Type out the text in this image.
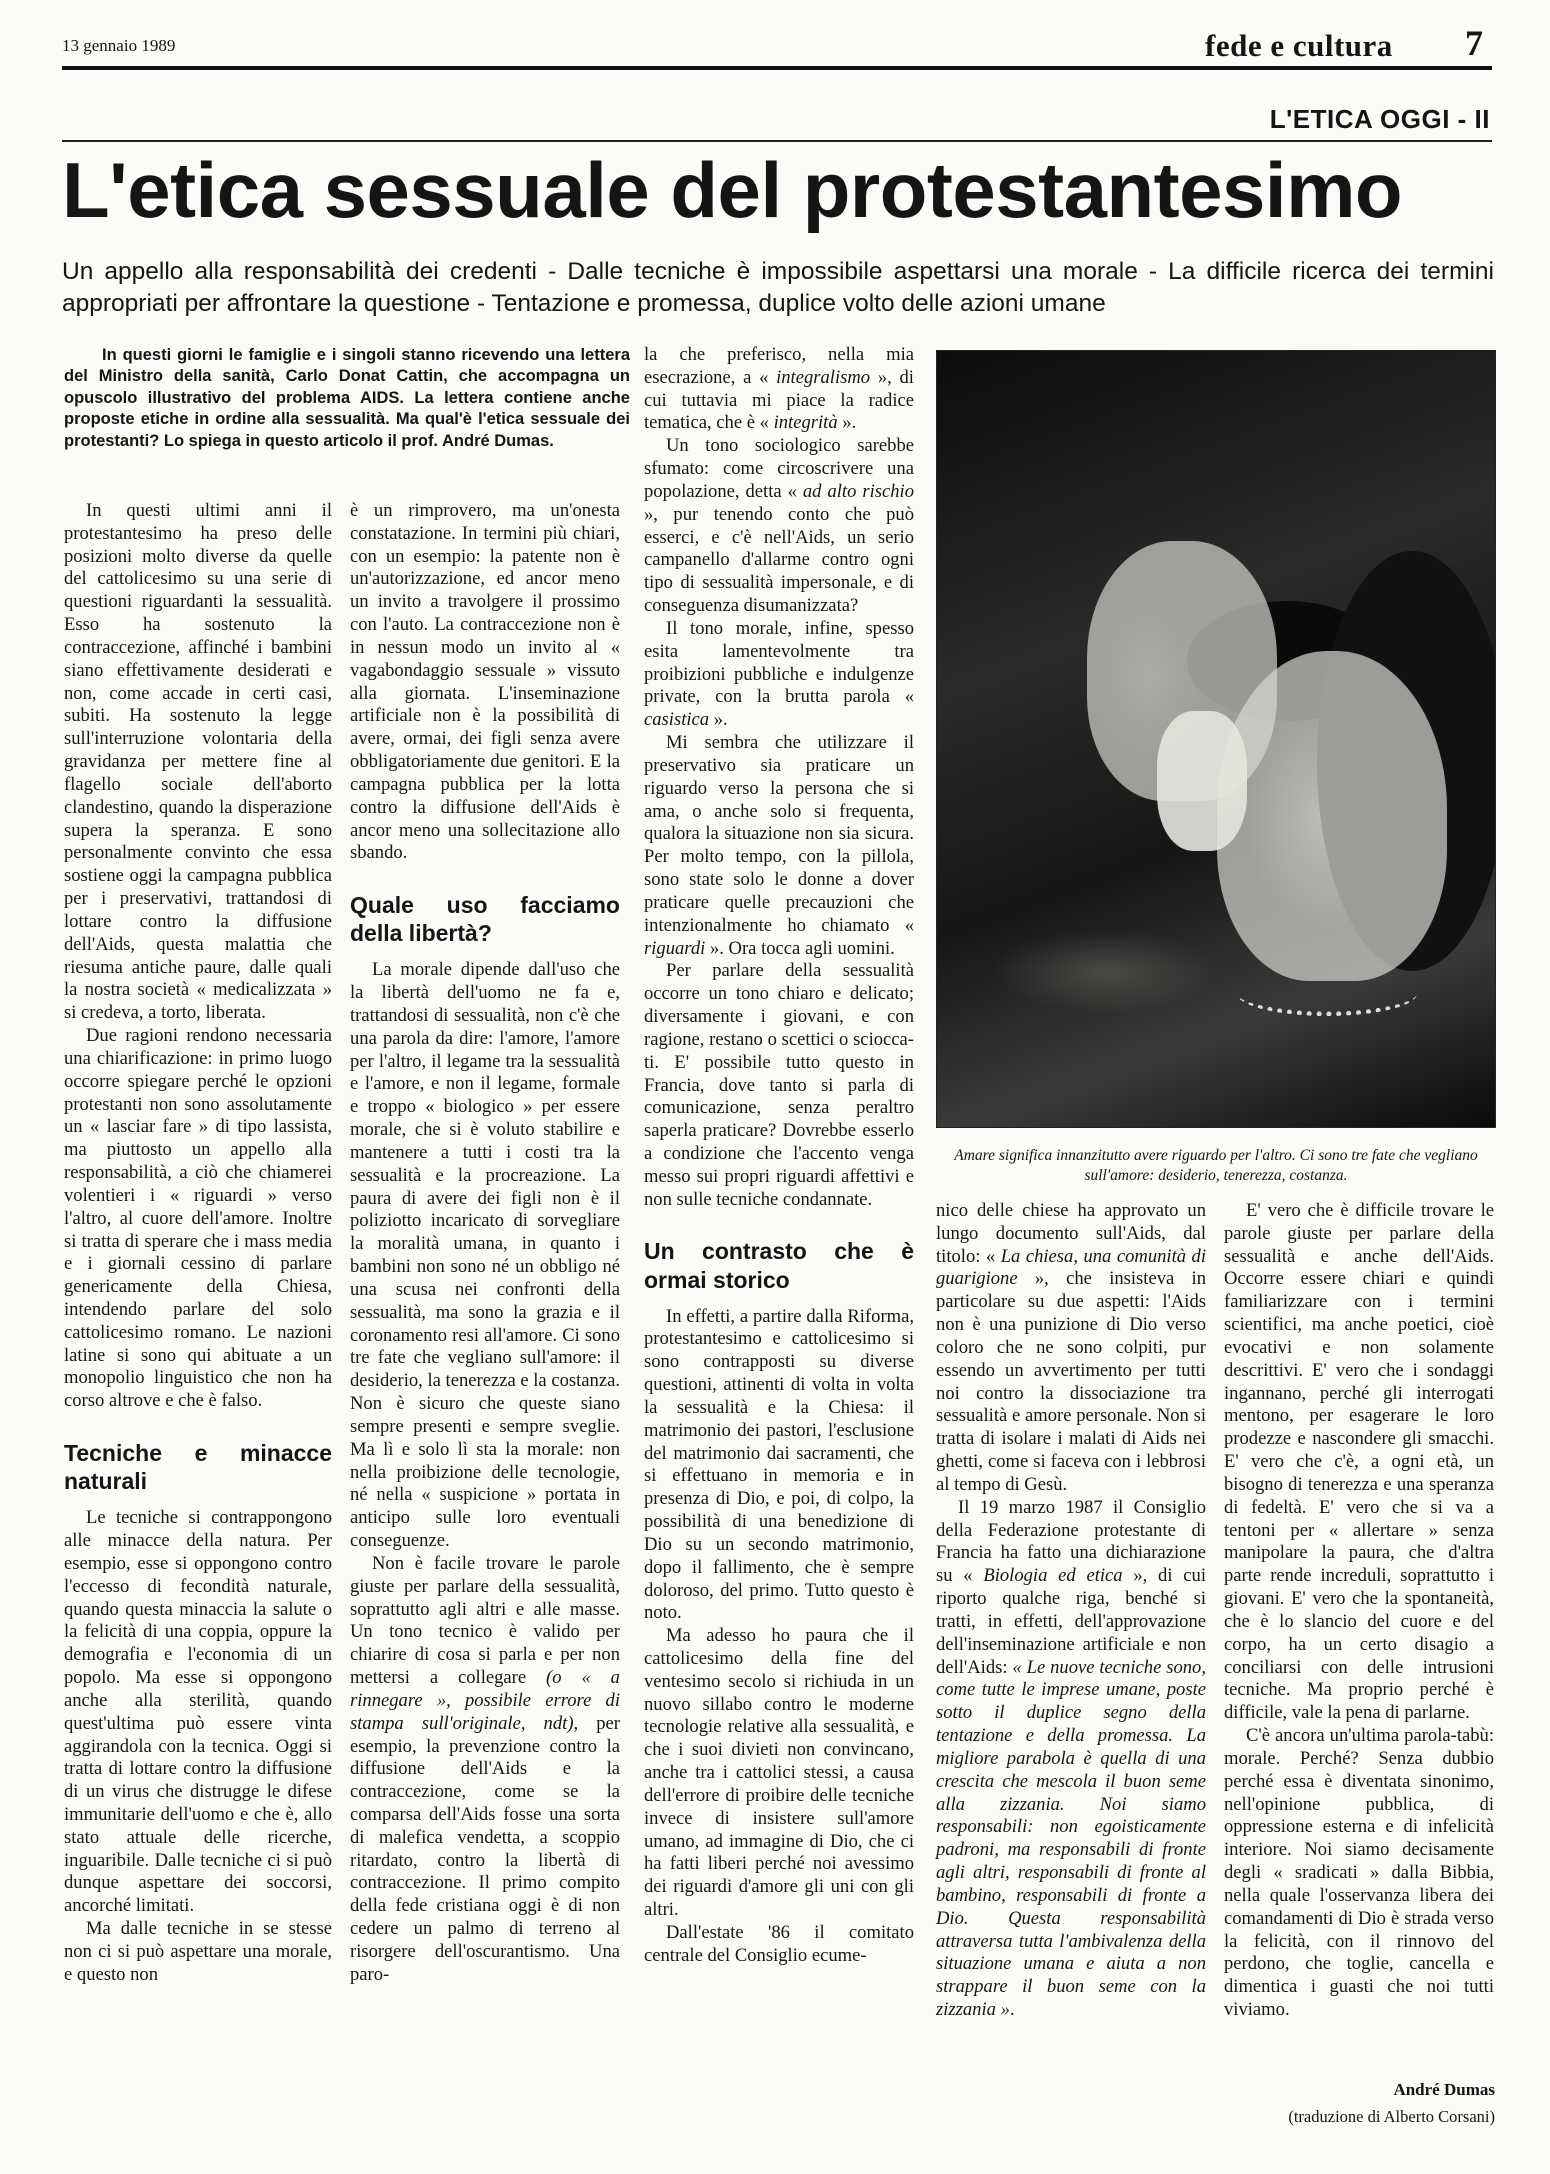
13 gennaio 1989	fede e cultura 7
L'ETICA OGGI - II
L'etica sessuale del protestantesimo
Un appello alla responsabilità dei credenti - Dalle tecniche è impossibile aspettarsi una morale - La difficile ricerca dei termini appropriati per affrontare la questione - Tentazione e promessa, duplice volto delle azioni umane
In questi giorni le famiglie e i singoli stanno ricevendo una lettera del Ministro della sanità, Carlo Donat Cattin, che accompagna un opuscolo illustrativo del problema AIDS. La lettera contiene anche proposte etiche in ordine alla sessualità. Ma qual'è l'etica sessuale dei protestanti? Lo spiega in questo articolo il prof. André Dumas.

In questi ultimi anni il protestantesimo ha preso delle posizioni molto diverse da quelle del cattolicesimo su una serie di questioni riguardanti la sessualità. Esso ha sostenuto la contraccezione, affinché i bambini siano effettivamente desiderati e non, come accade in certi casi, subiti. Ha sostenuto la legge sull'interruzione volontaria della gravidanza per mettere fine al flagello sociale dell'aborto clandestino, quando la disperazione supera la speranza. E sono personalmente convinto che essa sostiene oggi la campagna pubblica per i preservativi, trattandosi di lottare contro la diffusione dell'Aids, questa malattia che riesuma antiche paure, dalle quali la nostra società « medicalizzata » si credeva, a torto, liberata.

Due ragioni rendono necessaria una chiarificazione: in primo luogo occorre spiegare perché le opzioni protestanti non sono assolutamente un « lasciar fare » di tipo lassista, ma piuttosto un appello alla responsabilità, a ciò che chiamerei volentieri i « riguardi » verso l'altro, al cuore dell'amore. Inoltre si tratta di sperare che i mass media e i giornali cessino di parlare genericamente della Chiesa, intendendo parlare del solo cattolicesimo romano. Le nazioni latine si sono qui abituate a un monopolio linguistico che non ha corso altrove e che è falso.

Tecniche e minacce naturali

Le tecniche si contrappongono alle minacce della natura. Per esempio, esse si oppongono contro l'eccesso di fecondità naturale, quando questa minaccia la salute o la felicità di una coppia, oppure la demografia e l'economia di un popolo. Ma esse si oppongono anche alla sterilità, quando quest'ultima può essere vinta aggirandola con la tecnica. Oggi si tratta di lottare contro la diffusione di un virus che distrugge le difese immunitarie dell'uomo e che è, allo stato attuale delle ricerche, inguaribile. Dalle tecniche ci si può dunque aspettare dei soccorsi, ancorché limitati.

Ma dalle tecniche in se stesse non ci si può aspettare una morale, e questo non

è un rimprovero, ma un'onesta constatazione. In termini più chiari, con un esempio: la patente non è un'autorizzazione, ed ancor meno un invito a travolgere il prossimo con l'auto. La contraccezione non è in nessun modo un invito al « vagabondaggio sessuale » vissuto alla giornata. L'inseminazione artificiale non è la possibilità di avere, ormai, dei figli senza avere obbligatoriamente due genitori. E la campagna pubblica per la lotta contro la diffusione dell'Aids è ancor meno una sollecitazione allo sbando.

Quale uso facciamo della libertà?

La morale dipende dall'uso che la libertà dell'uomo ne fa e, trattandosi di sessualità, non c'è che una parola da dire: l'amore, l'amore per l'altro, il legame tra la sessualità e l'amore, e non il legame, formale e troppo « biologico » per essere morale, che si è voluto stabilire e mantenere a tutti i costi tra la sessualità e la procreazione. La paura di avere dei figli non è il poliziotto incaricato di sorvegliare la moralità umana, in quanto i bambini non sono né un obbligo né una scusa nei confronti della sessualità, ma sono la grazia e il coronamento resi all'amore. Ci sono tre fate che vegliano sull'amore: il desiderio, la tenerezza e la costanza. Non è sicuro che queste siano sempre presenti e sempre sveglie. Ma lì e solo lì sta la morale: non nella proibizione delle tecnologie, né nella « suspicione » portata in anticipo sulle loro eventuali conseguenze.

Non è facile trovare le parole giuste per parlare della sessualità, soprattutto agli altri e alle masse. Un tono tecnico è valido per chiarire di cosa si parla e per non mettersi a collegare (o « a rinnegare », possibile errore di stampa sull'originale, ndt), per esempio, la prevenzione contro la diffusione dell'Aids e la contraccezione, come se la comparsa dell'Aids fosse una sorta di malefica vendetta, a scoppio ritardato, contro la libertà di contraccezione. Il primo compito della fede cristiana oggi è di non cedere un palmo di terreno al risorgere dell'oscurantismo. Una paro-

la che preferisco, nella mia esecrazione, a « integralismo », di cui tuttavia mi piace la radice tematica, che è « integrità ».

Un tono sociologico sarebbe sfumato: come circoscrivere una popolazione, detta « ad alto rischio », pur tenendo conto che può esserci, e c'è nell'Aids, un serio campanello d'allarme contro ogni tipo di sessualità impersonale, e di conseguenza disumanizzata?

Il tono morale, infine, spesso esita lamentevolmente tra proibizioni pubbliche e indulgenze private, con la brutta parola « casistica ».

Mi sembra che utilizzare il preservativo sia praticare un riguardo verso la persona che si ama, o anche solo si frequenta, qualora la situazione non sia sicura. Per molto tempo, con la pillola, sono state solo le donne a dover praticare quelle precauzioni che intenzionalmente ho chiamato « riguardi ». Ora tocca agli uomini.

Per parlare della sessualità occorre un tono chiaro e delicato; diversamente i giovani, e con ragione, restano o scettici o scioccati. E' possibile tutto questo in Francia, dove tanto si parla di comunicazione, senza peraltro saperla praticare? Dovrebbe esserlo a condizione che l'accento venga messo sui propri riguardi affettivi e non sulle tecniche condannate.

Un contrasto che è ormai storico

In effetti, a partire dalla Riforma, protestantesimo e cattolicesimo si sono contrapposti su diverse questioni, attinenti di volta in volta la sessualità e la Chiesa: il matrimonio dei pastori, l'esclusione del matrimonio dai sacramenti, che si effettuano in memoria e in presenza di Dio, e poi, di colpo, la possibilità di una benedizione di Dio su un secondo matrimonio, dopo il fallimento, che è sempre doloroso, del primo. Tutto questo è noto.

Ma adesso ho paura che il cattolicesimo della fine del ventesimo secolo si richiuda in un nuovo sillabo contro le moderne tecnologie relative alla sessualità, e che i suoi divieti non convincano, anche tra i cattolici stessi, a causa dell'errore di proibire delle tecniche invece di insistere sull'amore umano, ad immagine di Dio, che ci ha fatti liberi perché noi avessimo dei riguardi d'amore gli uni con gli altri.

Dall'estate '86 il comitato centrale del Consiglio ecume-

Amare significa innanzitutto avere riguardo per l'altro. Ci sono tre fate che vegliano sull'amore: desiderio, tenerezza, costanza.

nico delle chiese ha approvato un lungo documento sull'Aids, dal titolo: « La chiesa, una comunità di guarigione », che insisteva in particolare su due aspetti: l'Aids non è una punizione di Dio verso coloro che ne sono colpiti, pur essendo un avvertimento per tutti noi contro la dissociazione tra sessualità e amore personale. Non si tratta di isolare i malati di Aids nei ghetti, come si faceva con i lebbrosi al tempo di Gesù.

Il 19 marzo 1987 il Consiglio della Federazione protestante di Francia ha fatto una dichiarazione su « Biologia ed etica », di cui riporto qualche riga, benché si tratti, in effetti, dell'approvazione dell'inseminazione artificiale e non dell'Aids: « Le nuove tecniche sono, come tutte le imprese umane, poste sotto il duplice segno della tentazione e della promessa. La migliore parabola è quella di una crescita che mescola il buon seme alla zizzania. Noi siamo responsabili: non egoisticamente padroni, ma responsabili di fronte agli altri, responsabili di fronte al bambino, responsabili di fronte a Dio. Questa responsabilità attraversa tutta l'ambivalenza della situazione umana e aiuta a non strappare il buon seme con la zizzania ».

E' vero che è difficile trovare le parole giuste per parlare della sessualità e anche dell'Aids. Occorre essere chiari e quindi familiarizzare con i termini scientifici, ma anche poetici, cioè evocativi e non solamente descrittivi. E' vero che i sondaggi ingannano, perché gli interrogati mentono, per esagerare le loro prodezze e nascondere gli smacchi. E' vero che c'è, a ogni età, un bisogno di tenerezza e una speranza di fedeltà. E' vero che si va a tentoni per « allertare » senza manipolare la paura, che d'altra parte rende increduli, soprattutto i giovani. E' vero che la spontaneità, che è lo slancio del cuore e del corpo, ha un certo disagio a conciliarsi con delle intrusioni tecniche. Ma proprio perché è difficile, vale la pena di parlarne.

C'è ancora un'ultima parola-tabù: morale. Perché? Senza dubbio perché essa è diventata sinonimo, nell'opinione pubblica, di oppressione esterna e di infelicità interiore. Noi siamo decisamente degli « sradicati » dalla Bibbia, nella quale l'osservanza libera dei comandamenti di Dio è strada verso la felicità, con il rinnovo del perdono, che toglie, cancella e dimentica i guasti che noi tutti viviamo.

André Dumas
(traduzione di Alberto Corsani)
